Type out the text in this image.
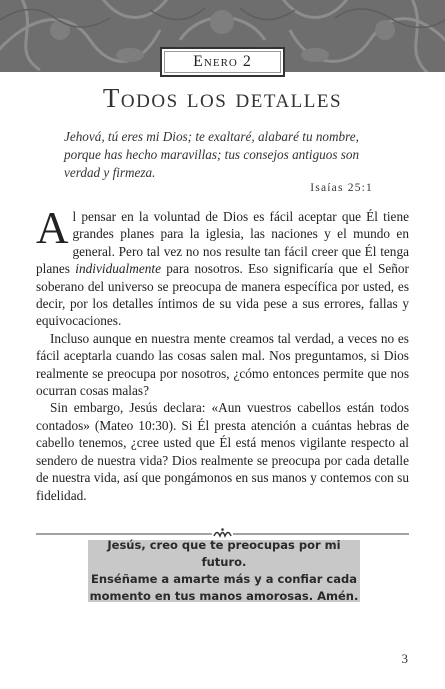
Enero 2
Todos los detalles
Jehová, tú eres mi Dios; te exaltaré, alabaré tu nombre, porque has hecho maravillas; tus consejos antiguos son verdad y firmeza.
Isaías 25:1

Al pensar en la voluntad de Dios es fácil aceptar que Él tiene grandes planes para la iglesia, las naciones y el mundo en general. Pero tal vez no nos resulte tan fácil creer que Él tenga planes individualmente para nosotros. Eso significaría que el Señor soberano del universo se preocupa de manera específica por usted, es decir, por los detalles íntimos de su vida pese a sus errores, fallas y equivocaciones.

Incluso aunque en nuestra mente creamos tal verdad, a veces no es fácil aceptarla cuando las cosas salen mal. Nos preguntamos, si Dios realmente se preocupa por nosotros, ¿cómo entonces permite que nos ocurran cosas malas?

Sin embargo, Jesús declara: «Aun vuestros cabellos están todos contados» (Mateo 10:30). Si Él presta atención a cuántas hebras de cabello tenemos, ¿cree usted que Él está menos vigilante respecto al sendero de nuestra vida? Dios realmente se preocupa por cada detalle de nuestra vida, así que pongámonos en sus manos y contemos con su fidelidad.

Jesús, creo que te preocupas por mi futuro.
Enséñame a amarte más y a confiar cada
momento en tus manos amorosas. Amén.
3
